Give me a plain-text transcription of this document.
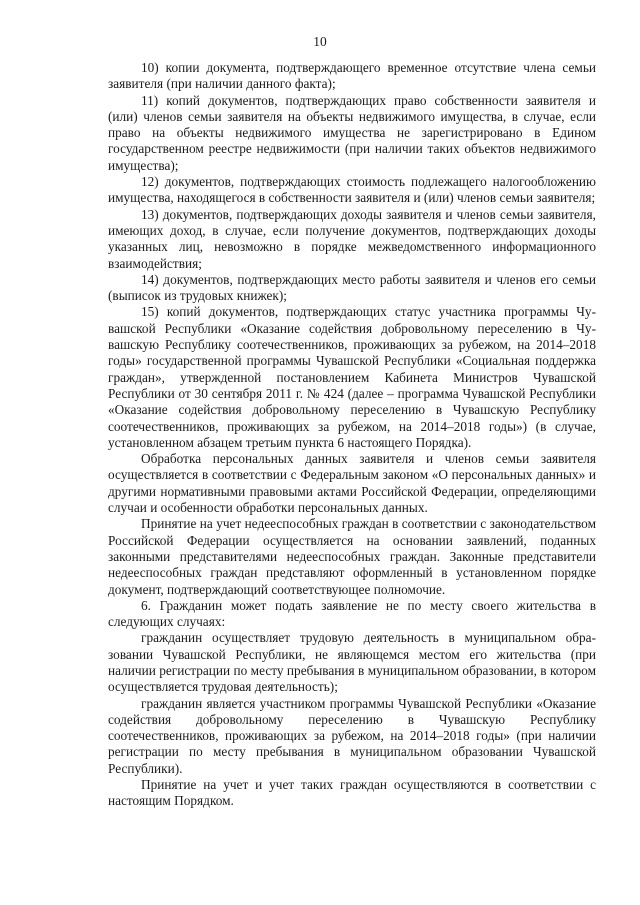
10

10) копии документа, подтверждающего временное отсутствие члена семьи заявителя (при наличии данного факта);

11) копий документов, подтверждающих право собственности заявителя и (или) членов семьи заявителя на объекты недвижимого имущества, в случае, если право на объекты недвижимого имущества не зарегистрировано в Едином государственном реестре недвижимости (при наличии таких объектов недвижимого имущества);

12) документов, подтверждающих стоимость подлежащего налогообложению имущества, находящегося в собственности заявителя и (или) членов семьи заявителя;

13) документов, подтверждающих доходы заявителя и членов семьи заявителя, имеющих доход, в случае, если получение документов, подтверждающих доходы указанных лиц, невозможно в порядке межведомственного информационного взаимодействия;

14) документов, подтверждающих место работы заявителя и членов его семьи (выписок из трудовых книжек);

15) копий документов, подтверждающих статус участника программы Чувашской Республики «Оказание содействия добровольному переселению в Чувашскую Республику соотечественников, проживающих за рубежом, на 2014–2018 годы» государственной программы Чувашской Республики «Социальная поддержка граждан», утвержденной постановлением Кабинета Министров Чувашской Республики от 30 сентября 2011 г. № 424 (далее – программа Чувашской Республики «Оказание содействия добровольному переселению в Чувашскую Республику соотечественников, проживающих за рубежом, на 2014–2018 годы») (в случае, установленном абзацем третьим пункта 6 настоящего Порядка).

Обработка персональных данных заявителя и членов семьи заявителя осуществляется в соответствии с Федеральным законом «О персональных данных» и другими нормативными правовыми актами Российской Федерации, определяющими случаи и особенности обработки персональных данных.

Принятие на учет недееспособных граждан в соответствии с законодательством Российской Федерации осуществляется на основании заявлений, поданных законными представителями недееспособных граждан. Законные представители недееспособных граждан представляют оформленный в установленном порядке документ, подтверждающий соответствующее полномочие.

6. Гражданин может подать заявление не по месту своего жительства в следующих случаях:

гражданин осуществляет трудовую деятельность в муниципальном образовании Чувашской Республики, не являющемся местом его жительства (при наличии регистрации по месту пребывания в муниципальном образовании, в котором осуществляется трудовая деятельность);

гражданин является участником программы Чувашской Республики «Оказание содействия добровольному переселению в Чувашскую Республику соотечественников, проживающих за рубежом, на 2014–2018 годы» (при наличии регистрации по месту пребывания в муниципальном образовании Чувашской Республики).

Принятие на учет и учет таких граждан осуществляются в соответствии с настоящим Порядком.
